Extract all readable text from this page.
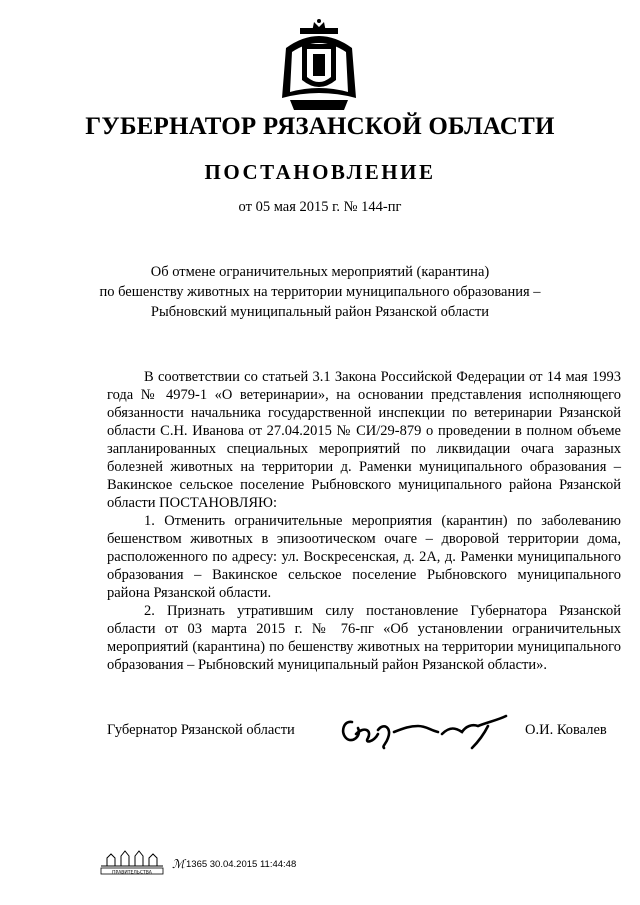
ГУБЕРНАТОР РЯЗАНСКОЙ ОБЛАСТИ
ПОСТАНОВЛЕНИЕ
от 05 мая 2015 г. № 144-пг
Об отмене ограничительных мероприятий (карантина)
по бешенству животных на территории муниципального образования –
Рыбновский муниципальный район Рязанской области

В соответствии со статьей 3.1 Закона Российской Федерации от 14 мая 1993 года № 4979-1 «О ветеринарии», на основании представления исполняющего обязанности начальника государственной инспекции по ветеринарии Рязанской области С.Н. Иванова от 27.04.2015 № СИ/29-879 о проведении в полном объеме запланированных специальных мероприятий по ликвидации очага заразных болезней животных на территории д. Раменки муниципального образования – Вакинское сельское поселение Рыбновского муниципального района Рязанской области ПОСТАНОВЛЯЮ:

1. Отменить ограничительные мероприятия (карантин) по заболеванию бешенством животных в эпизоотическом очаге – дворовой территории дома, расположенного по адресу: ул. Воскресенская, д. 2А, д. Раменки муниципального образования – Вакинское сельское поселение Рыбновского муниципального района Рязанской области.

2. Признать утратившим силу постановление Губернатора Рязанской области от 03 марта 2015 г. № 76-пг «Об установлении ограничительных мероприятий (карантина) по бешенству животных на территории муниципального образования – Рыбновский муниципальный район Рязанской области».

Губернатор Рязанской области	О.И. Ковалев
ПРАВИТЕЛЬСТВА
ℳ 1365 30.04.2015 11:44:48
